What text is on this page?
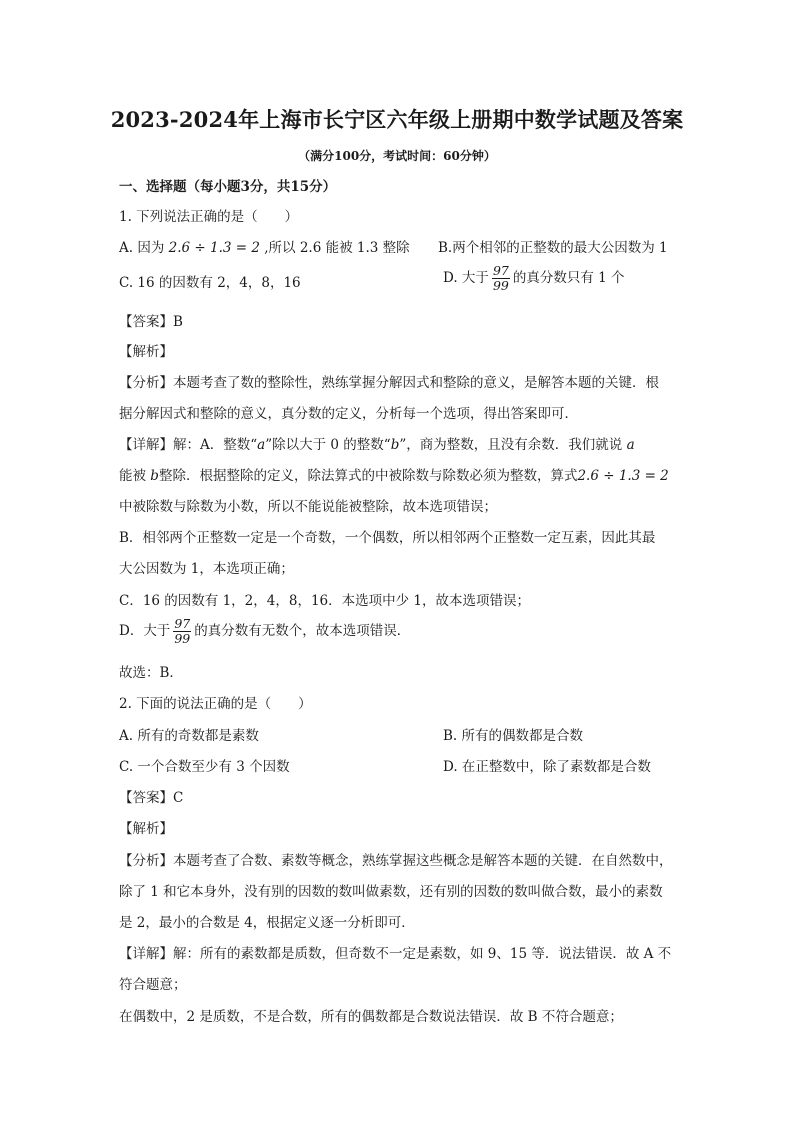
2023-2024年上海市长宁区六年级上册期中数学试题及答案
（满分100分，考试时间：60分钟）
一、选择题（每小题3分，共15分）
1. 下列说法正确的是（　　）
A. 因为 2.6 ÷ 1.3 = 2 ,所以 2.6 能被 1.3 整除 B.两个相邻的正整数的最大公因数为 1
C. 16 的因数有 2，4，8，16	D. 大于 $\frac{97}{99}$ 的真分数只有 1 个
【答案】B
【解析】
【分析】本题考查了数的整除性，熟练掌握分解因式和整除的意义，是解答本题的关键．根
据分解因式和整除的意义，真分数的定义，分析每一个选项，得出答案即可．
【详解】解：A．整数“a”除以大于 0 的整数“b”，商为整数，且没有余数．我们就说 a
能被 b整除．根据整除的定义，除法算式的中被除数与除数必须为整数，算式2.6 ÷ 1.3 = 2
中被除数与除数为小数，所以不能说能被整除，故本选项错误；
B．相邻两个正整数一定是一个奇数，一个偶数，所以相邻两个正整数一定互素，因此其最
大公因数为 1，本选项正确；
C．16 的因数有 1，2，4，8，16．本选项中少 1，故本选项错误；
D．大于 $\frac{97}{99}$ 的真分数有无数个，故本选项错误．
故选：B．
2. 下面的说法正确的是（　　）
A. 所有的奇数都是素数	B. 所有的偶数都是合数
C. 一个合数至少有 3 个因数	D. 在正整数中，除了素数都是合数
【答案】C
【解析】
【分析】本题考查了合数、素数等概念，熟练掌握这些概念是解答本题的关键．在自然数中，
除了 1 和它本身外，没有别的因数的数叫做素数，还有别的因数的数叫做合数，最小的素数
是 2，最小的合数是 4，根据定义逐一分析即可．
【详解】解：所有的素数都是质数，但奇数不一定是素数，如 9、15 等．说法错误．故 A 不
符合题意；
在偶数中，2 是质数，不是合数，所有的偶数都是合数说法错误．故 B 不符合题意；
